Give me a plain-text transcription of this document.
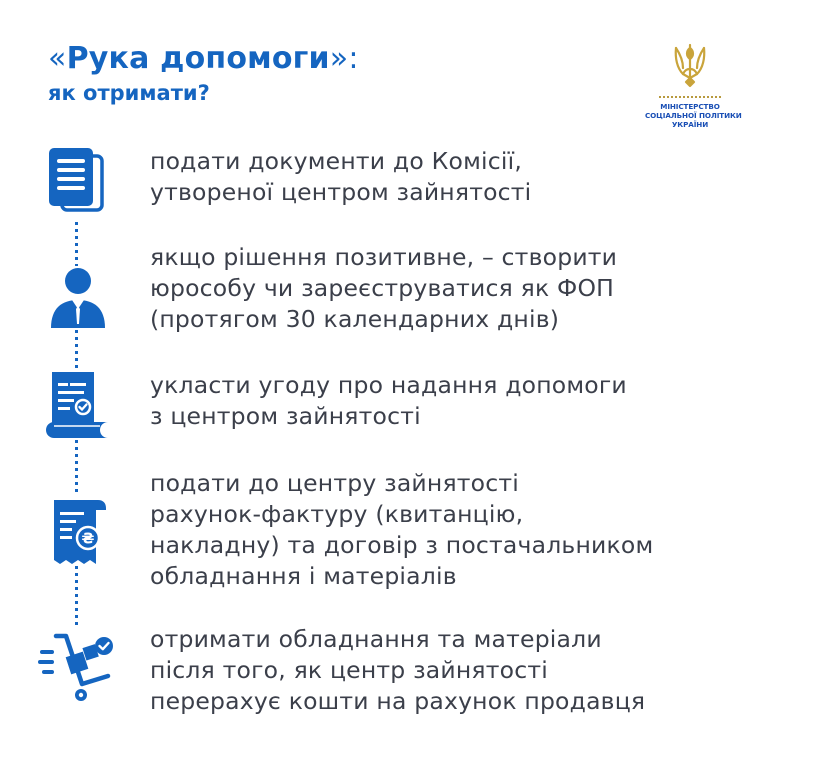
«Рука допомоги»:
як отримати?
МІНІСТЕРСТВО
СОЦІАЛЬНОЇ ПОЛІТИКИ
УКРАЇНИ
подати документи до Комісії,
утвореної центром зайнятості
якщо рішення позитивне, – створити
юрособу чи зареєструватися як ФОП
(протягом 30 календарних днів)
укласти угоду про надання допомоги
з центром зайнятості
₴
подати до центру зайнятості
рахунок-фактуру (квитанцію,
накладну) та договір з постачальником
обладнання і матеріалів
отримати обладнання та матеріали
після того, як центр зайнятості
перерахує кошти на рахунок продавця
